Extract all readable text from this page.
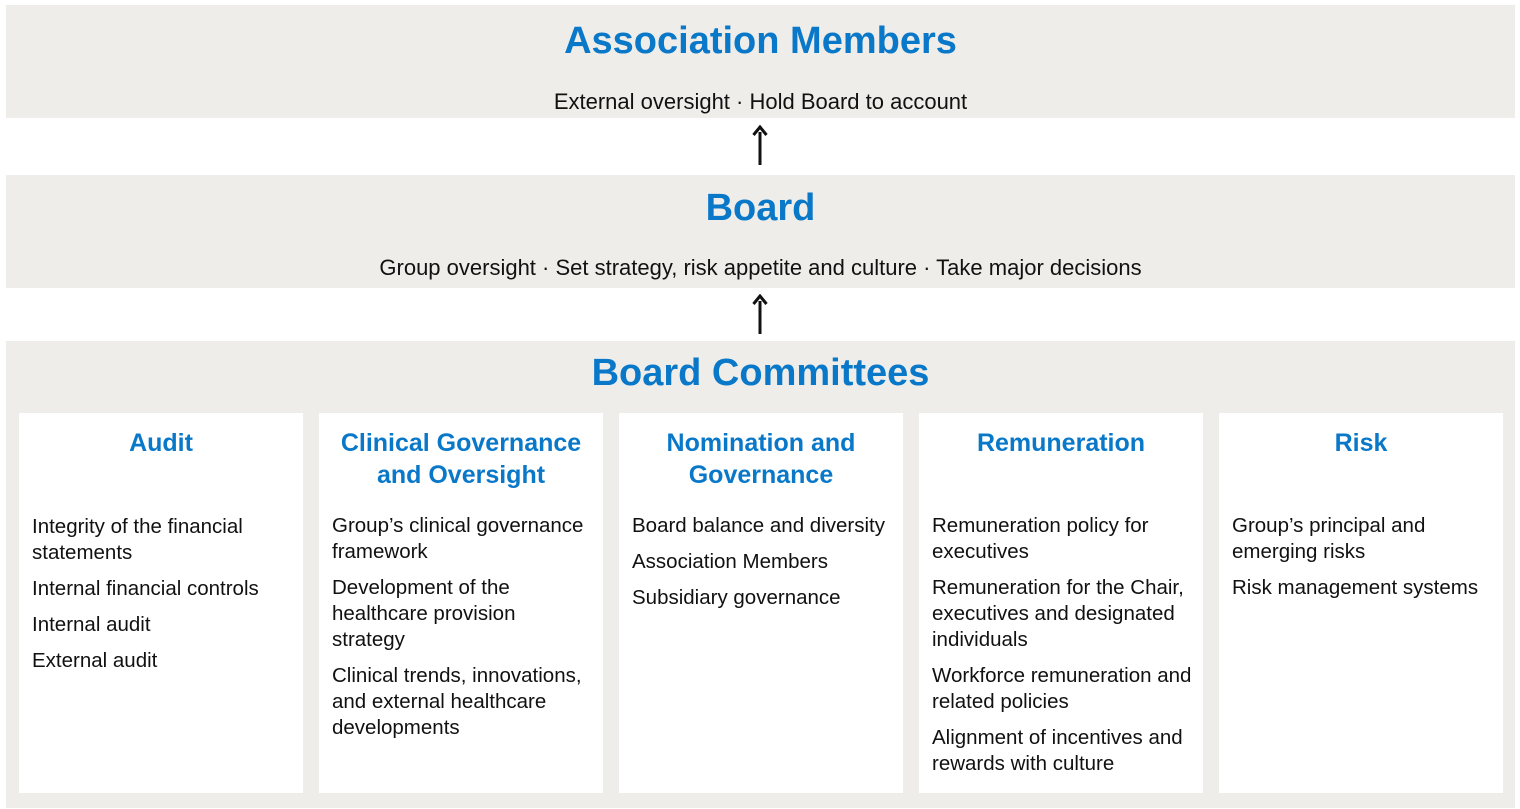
Association Members
External oversight · Hold Board to account
Board
Group oversight · Set strategy, risk appetite and culture · Take major decisions
Board Committees
Audit
Integrity of the financial statements
Internal financial controls
Internal audit
External audit
Clinical Governance and Oversight
Group’s clinical governance framework
Development of the healthcare provision strategy
Clinical trends, innovations, and external healthcare developments
Nomination and Governance
Board balance and diversity
Association Members
Subsidiary governance
Remuneration
Remuneration policy for executives
Remuneration for the Chair, executives and designated individuals
Workforce remuneration and related policies
Alignment of incentives and rewards with culture
Risk
Group’s principal and emerging risks
Risk management systems
